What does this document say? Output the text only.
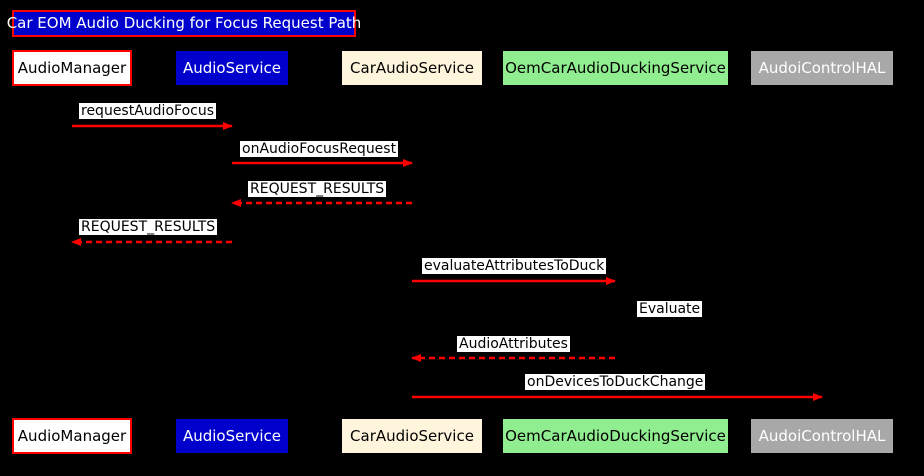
Car EOM Audio Ducking for Focus Request Path
AudioManager	AudioService	CarAudioService OemCarAudioDuckingService AudoiControlHAL
AudioManager	AudioService	CarAudioService OemCarAudioDuckingService AudoiControlHAL
requestAudioFocus
onAudioFocusRequest
REQUEST_RESULTS
REQUEST_RESULTS
evaluateAttributesToDuck
Evaluate
AudioAttributes
onDevicesToDuckChange
